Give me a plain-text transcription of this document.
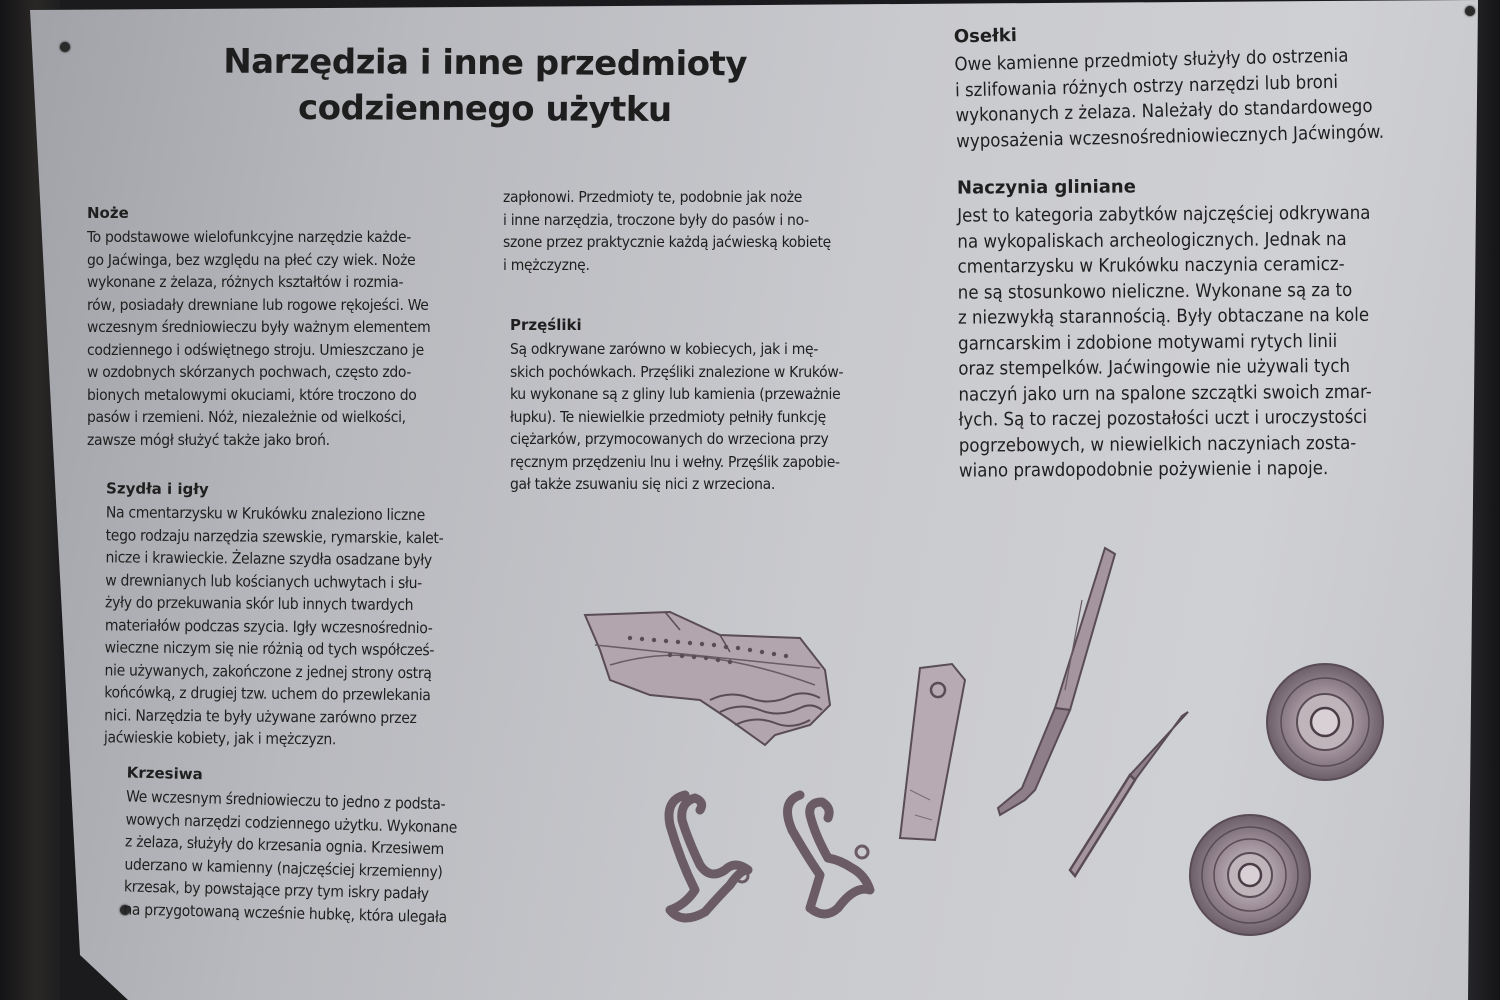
Narzędzia i inne przedmioty
codziennego użytku
Noże

To podstawowe wielofunkcyjne narzędzie każde-
go Jaćwinga, bez względu na płeć czy wiek. Noże
wykonane z żelaza, różnych kształtów i rozmia-
rów, posiadały drewniane lub rogowe rękojeści. We
wczesnym średniowieczu były ważnym elementem
codziennego i odświętnego stroju. Umieszczano je
w ozdobnych skórzanych pochwach, często zdo-
bionych metalowymi okuciami, które troczono do
pasów i rzemieni. Nóż, niezależnie od wielkości,
zawsze mógł służyć także jako broń.

Szydła i igły

Na cmentarzysku w Krukówku znaleziono liczne
tego rodzaju narzędzia szewskie, rymarskie, kalet-
nicze i krawieckie. Żelazne szydła osadzane były
w drewnianych lub kościanych uchwytach i słu-
żyły do przekuwania skór lub innych twardych
materiałów podczas szycia. Igły wczesnośrednio-
wieczne niczym się nie różnią od tych współcześ-
nie używanych, zakończone z jednej strony ostrą
końcówką, z drugiej tzw. uchem do przewlekania
nici. Narzędzia te były używane zarówno przez
jaćwieskie kobiety, jak i mężczyzn.

Krzesiwa

We wczesnym średniowieczu to jedno z podsta-
wowych narzędzi codziennego użytku. Wykonane
z żelaza, służyły do krzesania ognia. Krzesiwem
uderzano w kamienny (najczęściej krzemienny)
krzesak, by powstające przy tym iskry padały
na przygotowaną wcześnie hubkę, która ulegała

zapłonowi. Przedmioty te, podobnie jak noże
i inne narzędzia, troczone były do pasów i no-
szone przez praktycznie każdą jaćwieską kobietę
i mężczyznę.

Przęśliki

Są odkrywane zarówno w kobiecych, jak i mę-
skich pochówkach. Przęśliki znalezione w Kruków-
ku wykonane są z gliny lub kamienia (przeważnie
łupku). Te niewielkie przedmioty pełniły funkcję
ciężarków, przymocowanych do wrzeciona przy
ręcznym przędzeniu lnu i wełny. Przęślik zapobie-
gał także zsuwaniu się nici z wrzeciona.

Osełki

Owe kamienne przedmioty służyły do ostrzenia
i szlifowania różnych ostrzy narzędzi lub broni
wykonanych z żelaza. Należały do standardowego
wyposażenia wczesnośredniowiecznych Jaćwingów.

Naczynia gliniane

Jest to kategoria zabytków najczęściej odkrywana
na wykopaliskach archeologicznych. Jednak na
cmentarzysku w Krukówku naczynia ceramicz-
ne są stosunkowo nieliczne. Wykonane są za to
z niezwykłą starannością. Były obtaczane na kole
garncarskim i zdobione motywami rytych linii
oraz stempelków. Jaćwingowie nie używali tych
naczyń jako urn na spalone szczątki swoich zmar-
łych. Są to raczej pozostałości uczt i uroczystości
pogrzebowych, w niewielkich naczyniach zosta-
wiano prawdopodobnie pożywienie i napoje.
